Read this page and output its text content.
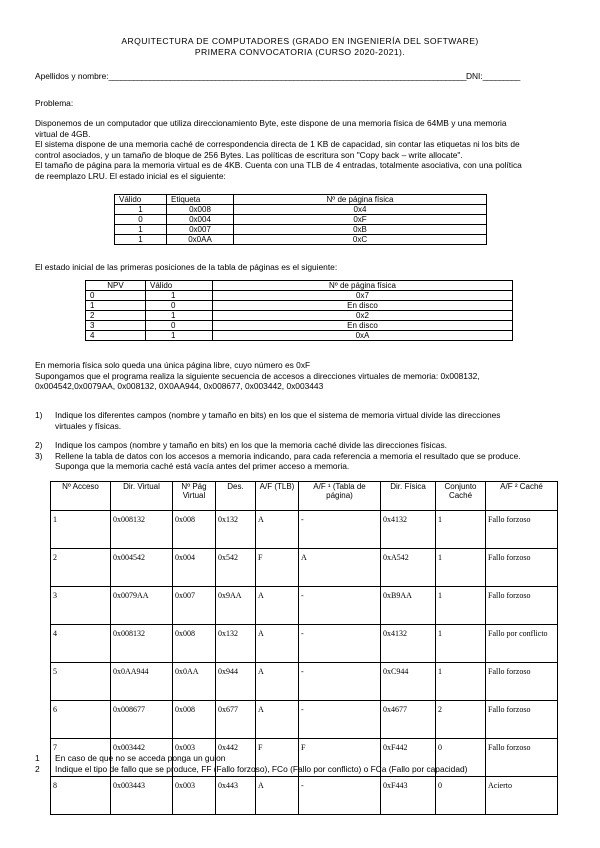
ARQUITECTURA DE COMPUTADORES (GRADO EN INGENIERÍA DEL SOFTWARE)
PRIMERA CONVOCATORIA (CURSO 2020-2021).
Apellidos y nombre:_______________________________________________________________________________________DNI:_________
Problema:

Disponemos de un computador que utiliza direccionamiento Byte, este dispone de una memoria física de 64MB y una memoria

virtual de 4GB.

El sistema dispone de una memoria caché de correspondencia directa de 1 KB de capacidad, sin contar las etiquetas ni los bits de

control asociados, y un tamaño de bloque de 256 Bytes. Las políticas de escritura son "Copy back – write allocate".

El tamaño de página para la memoria virtual es de 4KB. Cuenta con una TLB de 4 entradas, totalmente asociativa, con una política

de reemplazo LRU. El estado inicial es el siguiente:

Válido	Etiqueta	Nº de página física
1	0x008	0x4
0	0x004	0xF
1	0x007	0xB
1	0x0AA	0xC
El estado inicial de las primeras posiciones de la tabla de páginas es el siguiente:
NPV	Válido	Nº de página física
0	1	0x7
1	0	En disco
2	1	0x2
3	0	En disco
4	1	0xA

En memoria física solo queda una única página libre, cuyo número es 0xF

Supongamos que el programa realiza la siguiente secuencia de accesos a direcciones virtuales de memoria: 0x008132,

0x004542,0x0079AA, 0x008132, 0X0AA944, 0x008677, 0x003442, 0x003443

1) Indique los diferentes campos (nombre y tamaño en bits) en los que el sistema de memoria virtual divide las direcciones

virtuales y físicas.

2) Indique los campos (nombre y tamaño en bits) en los que la memoria caché divide las direcciones físicas.

3) Rellene la tabla de datos con los accesos a memoria indicando, para cada referencia a memoria el resultado que se produce.

Suponga que la memoria caché está vacía antes del primer acceso a memoria.

Nº Acceso	Dir. Virtual	Nº Pág Virtual	Des.	A/F (TLB)	A/F ¹ (Tabla de página)	Dir. Física	Conjunto Caché	A/F ² Caché
1	0x008132	0x008	0x132	A	-	0x4132	1	Fallo forzoso
2	0x004542	0x004	0x542	F	A	0xA542	1	Fallo forzoso
3	0x0079AA	0x007	0x9AA	A	-	0xB9AA	1	Fallo forzoso
4	0x008132	0x008	0x132	A	-	0x4132	1	Fallo por conflicto
5	0x0AA944	0x0AA	0x944	A	-	0xC944	1	Fallo forzoso
6	0x008677	0x008	0x677	A	-	0x4677	2	Fallo forzoso
7	0x003442	0x003	0x442	F	F	0xF442	0	Fallo forzoso
8	0x003443	0x003	0x443	A	-	0xF443	0	Acierto
1 En caso de que no se acceda ponga un guion
2 Indique el tipo de fallo que se produce, FF (Fallo forzoso), FCo (Fallo por conflicto) o FCa (Fallo por capacidad)
